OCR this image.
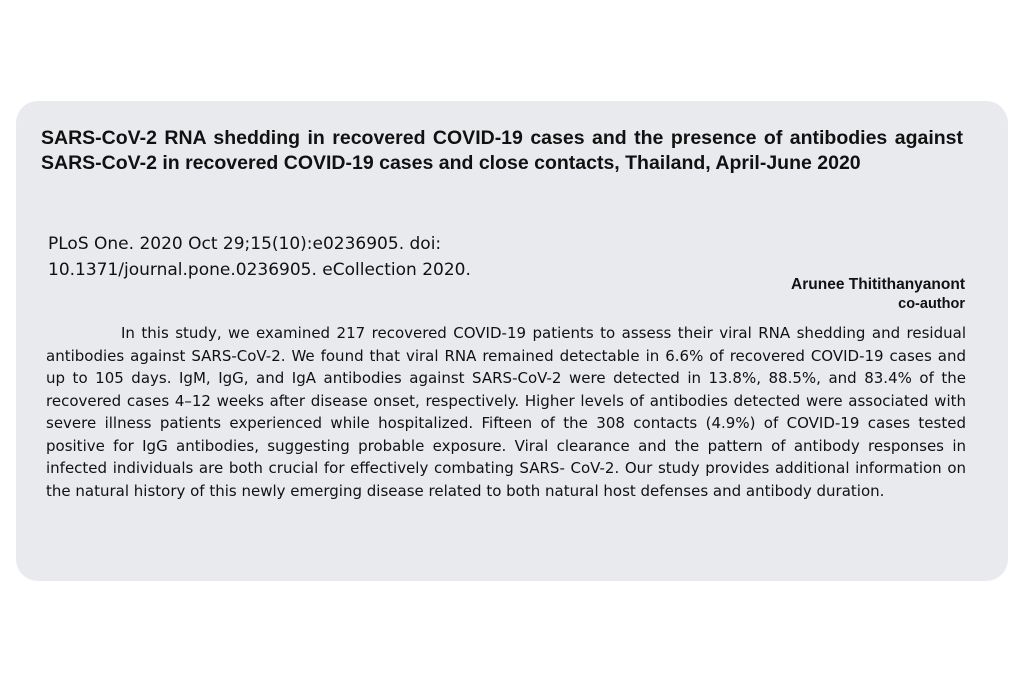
SARS-CoV-2 RNA shedding in recovered COVID-19 cases and the presence of antibodies against SARS-CoV-2 in recovered COVID-19 cases and close contacts, Thailand, April-June 2020

PLoS One. 2020 Oct 29;15(10):e0236905. doi:
10.1371/journal.pone.0236905. eCollection 2020.

Arunee Thitithanyanont
co-author

In this study, we examined 217 recovered COVID-19 patients to assess their viral RNA shedding and residual antibodies against SARS-CoV-2. We found that viral RNA remained detectable in 6.6% of recovered COVID-19 cases and up to 105 days. IgM, IgG, and IgA antibodies against SARS-CoV-2 were detected in 13.8%, 88.5%, and 83.4% of the recovered cases 4–12 weeks after disease onset, respectively. Higher levels of antibodies detected were associated with severe illness patients experienced while hospitalized. Fifteen of the 308 contacts (4.9%) of COVID-19 cases tested positive for IgG antibodies, suggesting probable exposure. Viral clearance and the pattern of antibody responses in infected individuals are both crucial for effectively combating SARS- CoV-2. Our study provides additional information on the natural history of this newly emerging disease related to both natural host defenses and antibody duration.
